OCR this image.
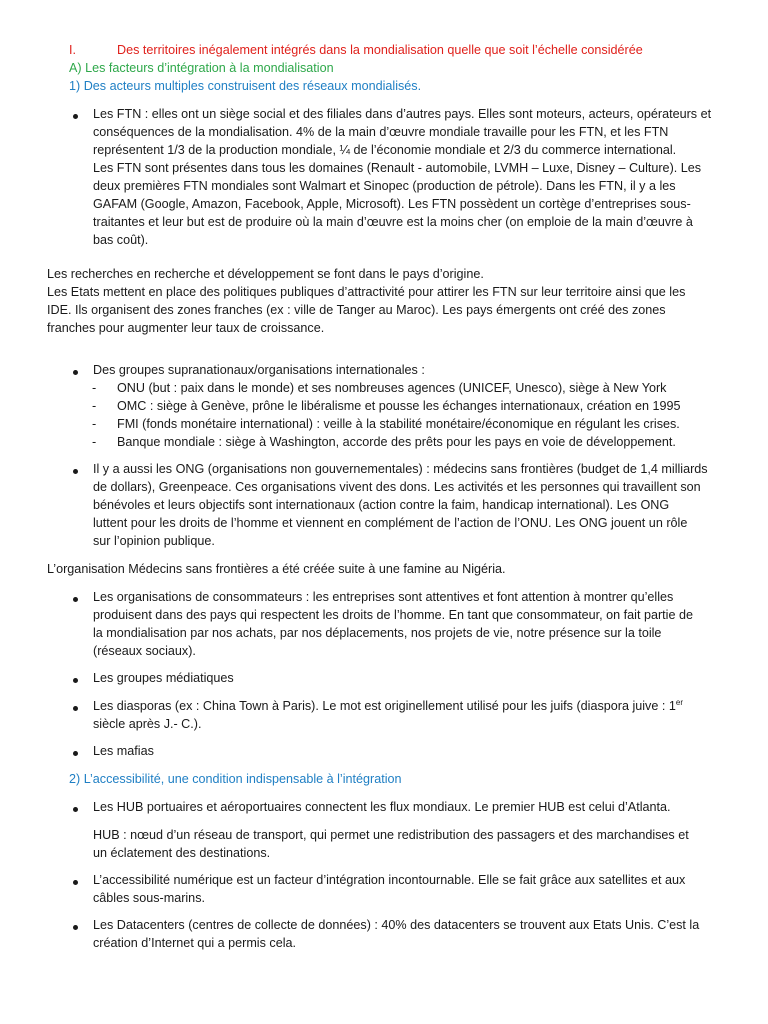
I.	Des territoires inégalement intégrés dans la mondialisation quelle que soit l’échelle considérée
A) Les facteurs d’intégration à la mondialisation
1) Des acteurs multiples construisent des réseaux mondialisés.
Les FTN : elles ont un siège social et des filiales dans d’autres pays. Elles sont moteurs, acteurs, opérateurs et
conséquences de la mondialisation. 4% de la main d’œuvre mondiale travaille pour les FTN, et les FTN
représentent 1/3 de la production mondiale, ¼ de l’économie mondiale et 2/3 du commerce international.
Les FTN sont présentes dans tous les domaines (Renault - automobile, LVMH – Luxe, Disney – Culture). Les
deux premières FTN mondiales sont Walmart et Sinopec (production de pétrole). Dans les FTN, il y a les
GAFAM (Google, Amazon, Facebook, Apple, Microsoft). Les FTN possèdent un cortège d’entreprises sous-
traitantes et leur but est de produire où la main d’œuvre est la moins cher (on emploie de la main d’œuvre à
bas coût).
Les recherches en recherche et développement se font dans le pays d’origine.
Les Etats mettent en place des politiques publiques d’attractivité pour attirer les FTN sur leur territoire ainsi que les
IDE. Ils organisent des zones franches (ex : ville de Tanger au Maroc). Les pays émergents ont créé des zones
franches pour augmenter leur taux de croissance.
Des groupes supranationaux/organisations internationales :
- ONU (but : paix dans le monde) et ses nombreuses agences (UNICEF, Unesco), siège à New York
- OMC : siège à Genève, prône le libéralisme et pousse les échanges internationaux, création en 1995
- FMI (fonds monétaire international) : veille à la stabilité monétaire/économique en régulant les crises.
- Banque mondiale : siège à Washington, accorde des prêts pour les pays en voie de développement.
Il y a aussi les ONG (organisations non gouvernementales) : médecins sans frontières (budget de 1,4 milliards
de dollars), Greenpeace. Ces organisations vivent des dons. Les activités et les personnes qui travaillent son
bénévoles et leurs objectifs sont internationaux (action contre la faim, handicap international). Les ONG
luttent pour les droits de l’homme et viennent en complément de l’action de l’ONU. Les ONG jouent un rôle
sur l’opinion publique.
L’organisation Médecins sans frontières a été créée suite à une famine au Nigéria.
Les organisations de consommateurs : les entreprises sont attentives et font attention à montrer qu’elles
produisent dans des pays qui respectent les droits de l’homme. En tant que consommateur, on fait partie de
la mondialisation par nos achats, par nos déplacements, nos projets de vie, notre présence sur la toile
(réseaux sociaux).
Les groupes médiatiques
Les diasporas (ex : China Town à Paris). Le mot est originellement utilisé pour les juifs (diaspora juive : 1er
siècle après J.- C.).
Les mafias
2) L’accessibilité, une condition indispensable à l’intégration
Les HUB portuaires et aéroportuaires connectent les flux mondiaux. Le premier HUB est celui d’Atlanta.
HUB : nœud d’un réseau de transport, qui permet une redistribution des passagers et des marchandises et
un éclatement des destinations.
L’accessibilité numérique est un facteur d’intégration incontournable. Elle se fait grâce aux satellites et aux
câbles sous-marins.
Les Datacenters (centres de collecte de données) : 40% des datacenters se trouvent aux Etats Unis. C’est la
création d’Internet qui a permis cela.
